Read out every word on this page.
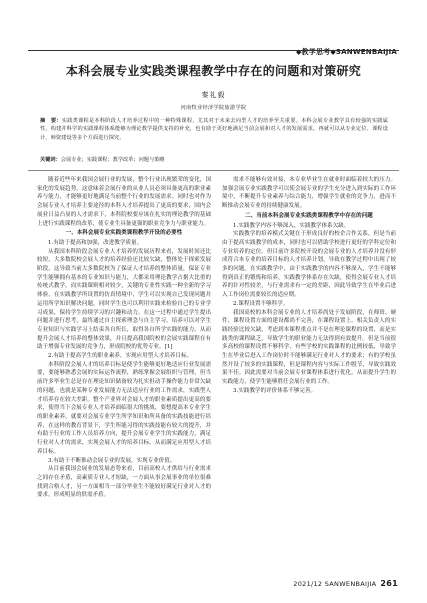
◆教学思考◆SANWENBAIJIA
本科会展专业实践类课程教学中存在的问题和对策研究
秦礼毅
河南牧业经济学院旅游学院
摘　要：实践类课程是本科阶段人才培养过程中的一种特殊课程，尤其对于未来去向型人才的培养至关重要。本科会展专业教学具有较强的实践属性，构建并科学的实践课程体系能够为理论教学提供支持的补充，也有助于更好地满足当前会展和对人才的发展需求。再就可以从专业定位、课程设计、师资建设等多个方面进行探究。
关键词：会展专业；实践课程；教学改革；问题与策略

随着近些年来我国会展行业的发展，整个行业出现繁荣的变化，国家化的发展趋势，这意味着会展行业的从业人员必须具备更高的职业素养与能力，才能够更好地满足当前整个行业的发展需求。同时也对作为会展专业人才培养主要途径的本科人才培养提出了更高的要求，国内会展业日益凸显的人才需求下，本科院校要应该在扎实的理论教学的基础上进行实践课程的改革，使专业生具备更强的职业竞争力与职业能力。

一、本科会展专业实践类课程教学开设的必要性

1.有助于提高和加强，改进教学质量。

从我国本科阶段会展专业人才培养的发展历程来看，发展时间还比较短，大多数院校会展人才的培养经验还比较欠缺，整体处于探索发展阶段，这导致当前大多数院校为了保证人才培养的整体质量，保证专业学生能够拥有基本的专业知识与能力，大都采用理论教学占据大比重的传统式教学，而实践课则相对较少，关键的专业性实践一种全新的学习体验，在实践教学所设置的仿真情境中，学生可以实现自己发现问题并运用所学知识解决问题，同时学生也可以利用实践来检验自己的专业学习成果，保持学生持续学习的兴趣和动力。在这一过程中通过学生提出问题并进行思考，最终通过自主探索理念与自主学习，培养可以对学生专业知识与实践学习上结束各自所长，取得各自所学实践的能力。从而提升会展人才培养的整体效果，并且提高我国院校的会展实践课程在有助于增强专业发展的竞争力，形成院校的优势专业。[1]

2.有助于提高学生的职业素养，实现应用型人才培养目标。

本科阶段会展人才的培养目标是使学生能够更好地适应行业发展需要，要能够熟悉会展的实际运作流程，熟练掌握会展组织与管理，但当前许多毕业生总是存在理论知识储备较为扎实但动手操作能力非常欠缺的问题，也就是某种专业发展能力无法适应行业的工作需求，实践型人才培养存在较大差距。整个产业界对会展人才的职业素质提出更高的要求，使得当下会展专业人才培养面临很大的挑战，要想提高本专业学生的职业素养，就要对会展专业学生所学知识和所具备的实践技能进行培养，在这样的教育背景下，学生所能习得的实践技能有较大的提升，并有助于行业的工作人员培养方向，提升会展专业学生的实践能力，满足行业对人才的需求，实现会展人才的培养目标，从而满足应用型人才培养目标。

3.有助于不断推动会展专业的发展，实现专业价值。

从目前我国会展业的发展态势来看，目前高校人才供给与行业需求之间存在矛盾，高素质专业人才短缺，一方面从事会展事业的单位很难找到合格人才，另一方面相当一部分毕业生不能较好满足行业对人才的要求，形成明显的供需矛盾。

需求不能够有效对接，本专业毕业生在就业时面临着较大的压力。加强会展专业实践教学可以使会展专业的学生充分进入到实际的工作环境中，不断提升专业素养与综合能力，增强学生就业的竞争力，进而不断推动会展专业的持续健康发展。

二、当前本科会展专业实践类课程教学中存在的问题

1.实践教学内容不够深入，实践教学体系欠缺。

实践教学的培养模式关键在于形成良好的校企合作关系，但是当前由于提高实践教学的成本，同时也可以借助学校进行更好的学科定位和专业培养的定位。但目前许多院校开设的会展专业的人才培养并没有形成符合本专业的培养目标的人才培养计划，导致在教学过程中出现了较多的问题。在实践教学中，由于实践教学的内容不够深入，学生不能够得到真正的锻炼和培养，实践教学体系存在欠缺，使得会展专业人才培养的针对性较差，与行业需求有一定的差距，因此导致学生在毕业后进入工作岗位需要较长的适应期。

2.课程设置不够科学。

我国高校的本科会展专业的人才培养尚处于发展阶段，在师资、硬件、课程设置方面的建设都尚不完善，在课程设置上，相关负责人的实践经验比较欠缺，考虑到本课程重点并不是在理论课程的设置，而是实践类的课程缺乏，导致学生的职业能力无法得到有效提升。但是当前很多高校的课程设置不够科学，有些学校的实践课程的比例较低，导致学生在毕业后进入工作岗位时不能够满足行业对人才的要求；有的学校虽然开设了较多的实践课程，但是课程内容与实际工作脱节，导致实践效果不佳。因此需要对当前会展专业课程体系进行优化，从而提升学生的实践能力，使学生能够胜任会展行业的工作。

3.实践教学的评价体系不够完善。

2021/12 SANWENBAIJIA 261
